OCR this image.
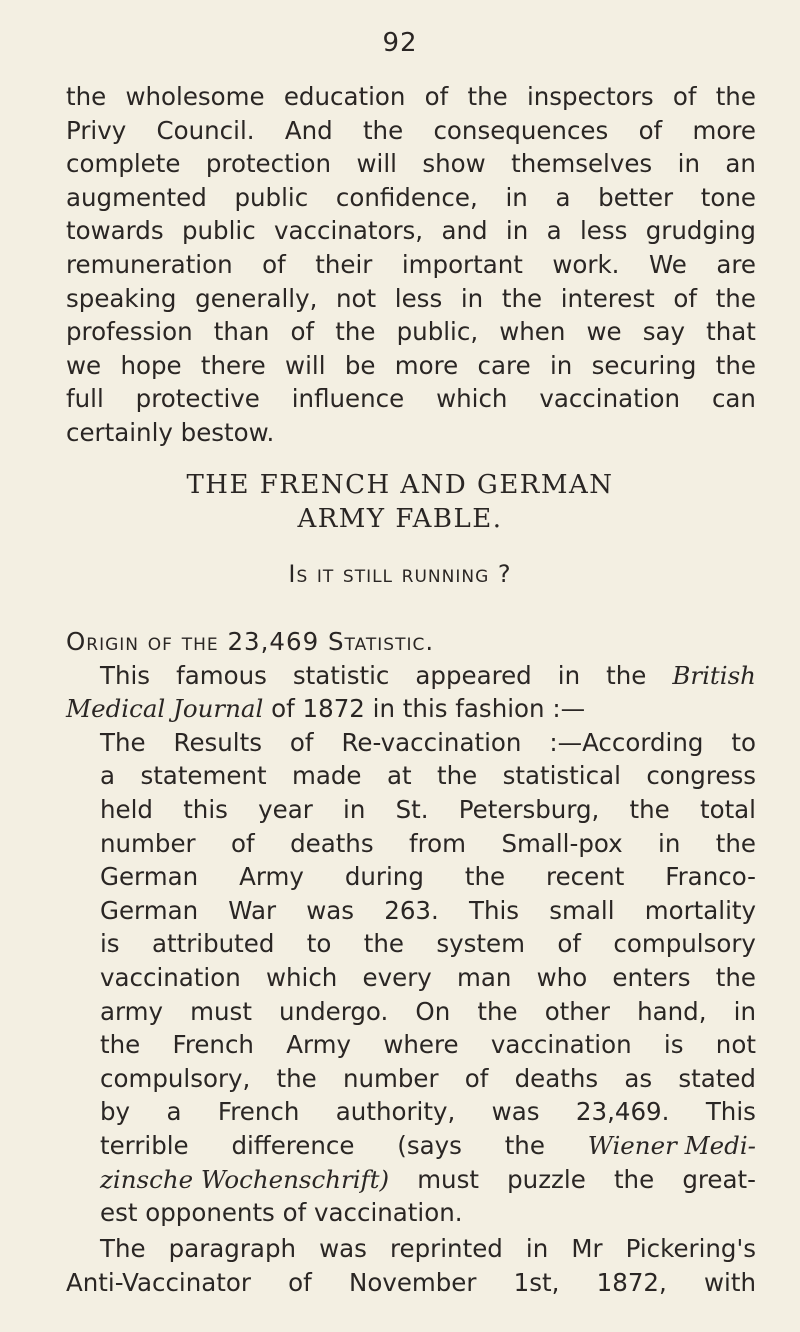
92
the wholesome education of the inspectors of the
Privy Council. And the consequences of more
complete protection will show themselves in an
augmented public confidence, in a better tone
towards public vaccinators, and in a less grudging
remuneration of their important work. We are
speaking generally, not less in the interest of the
profession than of the public, when we say that
we hope there will be more care in securing the
full protective influence which vaccination can
certainly bestow.
THE FRENCH AND GERMAN
ARMY FABLE.
Is it still running ?
Origin of the 23,469 Statistic.
This famous statistic appeared in the British
Medical Journal
of 1872 in this fashion :—
The Results of Re-vaccination :—According to
a statement made at the statistical congress
held this year in St. Petersburg, the total
number of deaths from Small-pox in the
German Army during the recent Franco-
German War was 263. This small mortality
is attributed to the system of compulsory
vaccination which every man who enters the
army must undergo. On the other hand, in
the French Army where vaccination is not
compulsory, the number of deaths as stated
by a French authority, was 23,469. This
terrible difference (says the Wiener Medi-
zinsche Wochenschrift) must puzzle the great-
est opponents of vaccination.
The paragraph was reprinted in Mr Pickering's
Anti-Vaccinator of November 1st, 1872, with
